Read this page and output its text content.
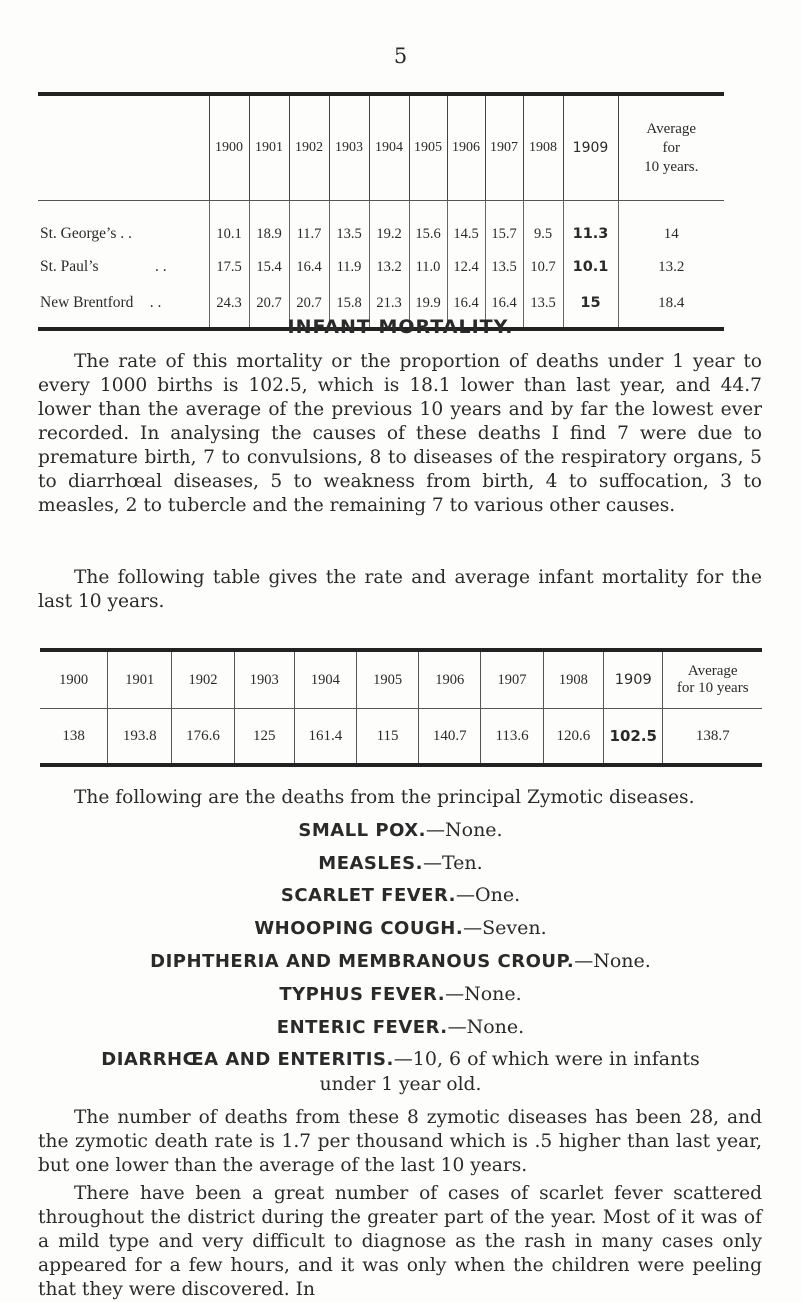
5
	1900	1901	1902	1903	1904	1905	1906	1907	1908	1909	Average
for
10 years.
St. George’s . .	10.1	18.9	11.7	13.5	19.2	15.6	14.5	15.7	9.5	11.3	14
St. Paul’s . .	17.5	15.4	16.4	11.9	13.2	11.0	12.4	13.5	10.7	10.1	13.2
New Brentford . .	24.3	20.7	20.7	15.8	21.3	19.9	16.4	16.4	13.5	15	18.4
INFANT MORTALITY.

The rate of this mortality or the proportion of deaths under 1 year to every 1000 births is 102.5, which is 18.1 lower than last year, and 44.7 lower than the average of the previous 10 years and by far the lowest ever recorded. In analysing the causes of these deaths I find 7 were due to premature birth, 7 to convulsions, 8 to diseases of the respiratory organs, 5 to diarrhœal diseases, 5 to weakness from birth, 4 to suffocation, 3 to measles, 2 to tubercle and the remaining 7 to various other causes.

The following table gives the rate and average infant mortality for the last 10 years.

1900	1901	1902	1903	1904	1905	1906	1907	1908	1909	Average
for 10 years
138	193.8	176.6	125	161.4	115	140.7	113.6	120.6	102.5	138.7

The following are the deaths from the principal Zymotic diseases.

SMALL POX.—None.
MEASLES.—Ten.
SCARLET FEVER.—One.
WHOOPING COUGH.—Seven.
DIPHTHERIA AND MEMBRANOUS CROUP.—None.
TYPHUS FEVER.—None.
ENTERIC FEVER.—None.
DIARRHŒA AND ENTERITIS.—10, 6 of which were in infants
under 1 year old.

The number of deaths from these 8 zymotic diseases has been 28, and the zymotic death rate is 1.7 per thousand which is .5 higher than last year, but one lower than the average of the last 10 years.

There have been a great number of cases of scarlet fever scattered throughout the district during the greater part of the year. Most of it was of a mild type and very difficult to diagnose as the rash in many cases only appeared for a few hours, and it was only when the children were peeling that they were discovered. In
